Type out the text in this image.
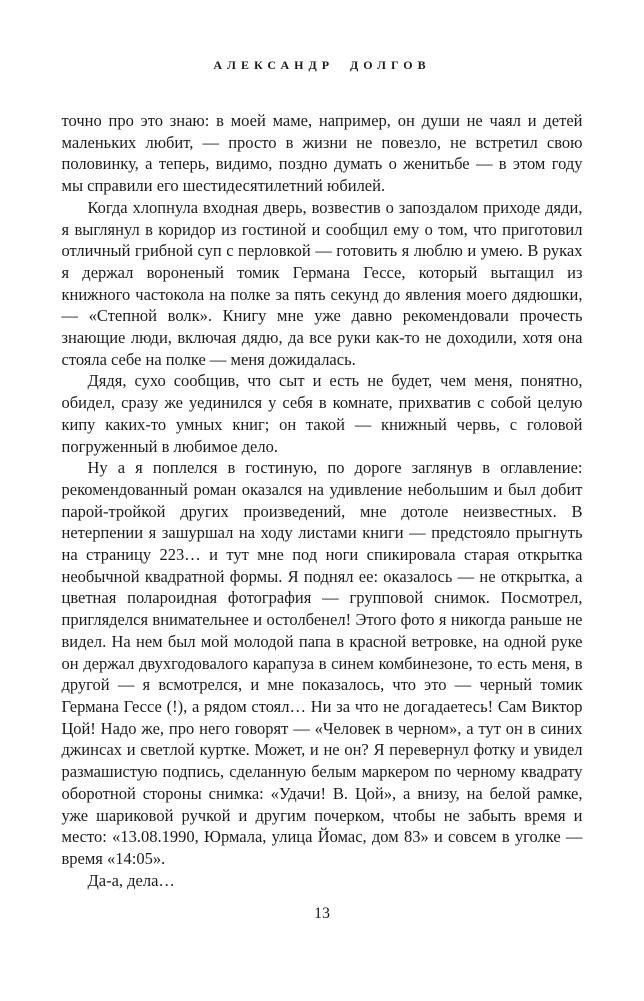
АЛЕКСАНДР ДОЛГОВ

точно про это знаю: в моей маме, например, он души не чаял и детей маленьких любит, — просто в жизни не повезло, не встретил свою половинку, а теперь, видимо, поздно думать о женитьбе — в этом году мы справили его шестидесятилетний юбилей.

Когда хлопнула входная дверь, возвестив о запоздалом приходе дяди, я выглянул в коридор из гостиной и сообщил ему о том, что приготовил отличный грибной суп с перловкой — готовить я люблю и умею. В руках я держал вороненый томик Германа Гессе, который вытащил из книжного частокола на полке за пять секунд до явления моего дядюшки, — «Степной волк». Книгу мне уже давно рекомендовали прочесть знающие люди, включая дядю, да все руки как-то не доходили, хотя она стояла себе на полке — меня дожидалась.

Дядя, сухо сообщив, что сыт и есть не будет, чем меня, понятно, обидел, сразу же уединился у себя в комнате, прихватив с собой целую кипу каких-то умных книг; он такой — книжный червь, с головой погруженный в любимое дело.

Ну а я поплелся в гостиную, по дороге заглянув в оглавление: рекомендованный роман оказался на удивление небольшим и был добит парой-тройкой других произведений, мне дотоле неизвестных. В нетерпении я зашуршал на ходу листами книги — предстояло прыгнуть на страницу 223… и тут мне под ноги спикировала старая открытка необычной квадратной формы. Я поднял ее: оказалось — не открытка, а цветная полароидная фотография — групповой снимок. Посмотрел, пригляделся внимательнее и остолбенел! Этого фото я никогда раньше не видел. На нем был мой молодой папа в красной ветровке, на одной руке он держал двухгодовалого карапуза в синем комбинезоне, то есть меня, в другой — я всмотрелся, и мне показалось, что это — черный томик Германа Гессе (!), а рядом стоял… Ни за что не догадаетесь! Сам Виктор Цой! Надо же, про него говорят — «Человек в черном», а тут он в синих джинсах и светлой куртке. Может, и не он? Я перевернул фотку и увидел размашистую подпись, сделанную белым маркером по черному квадрату оборотной стороны снимка: «Удачи! В. Цой», а внизу, на белой рамке, уже шариковой ручкой и другим почерком, чтобы не забыть время и место: «13.08.1990, Юрмала, улица Йомас, дом 83» и совсем в уголке — время «14:05».

Да-а, дела…

13
